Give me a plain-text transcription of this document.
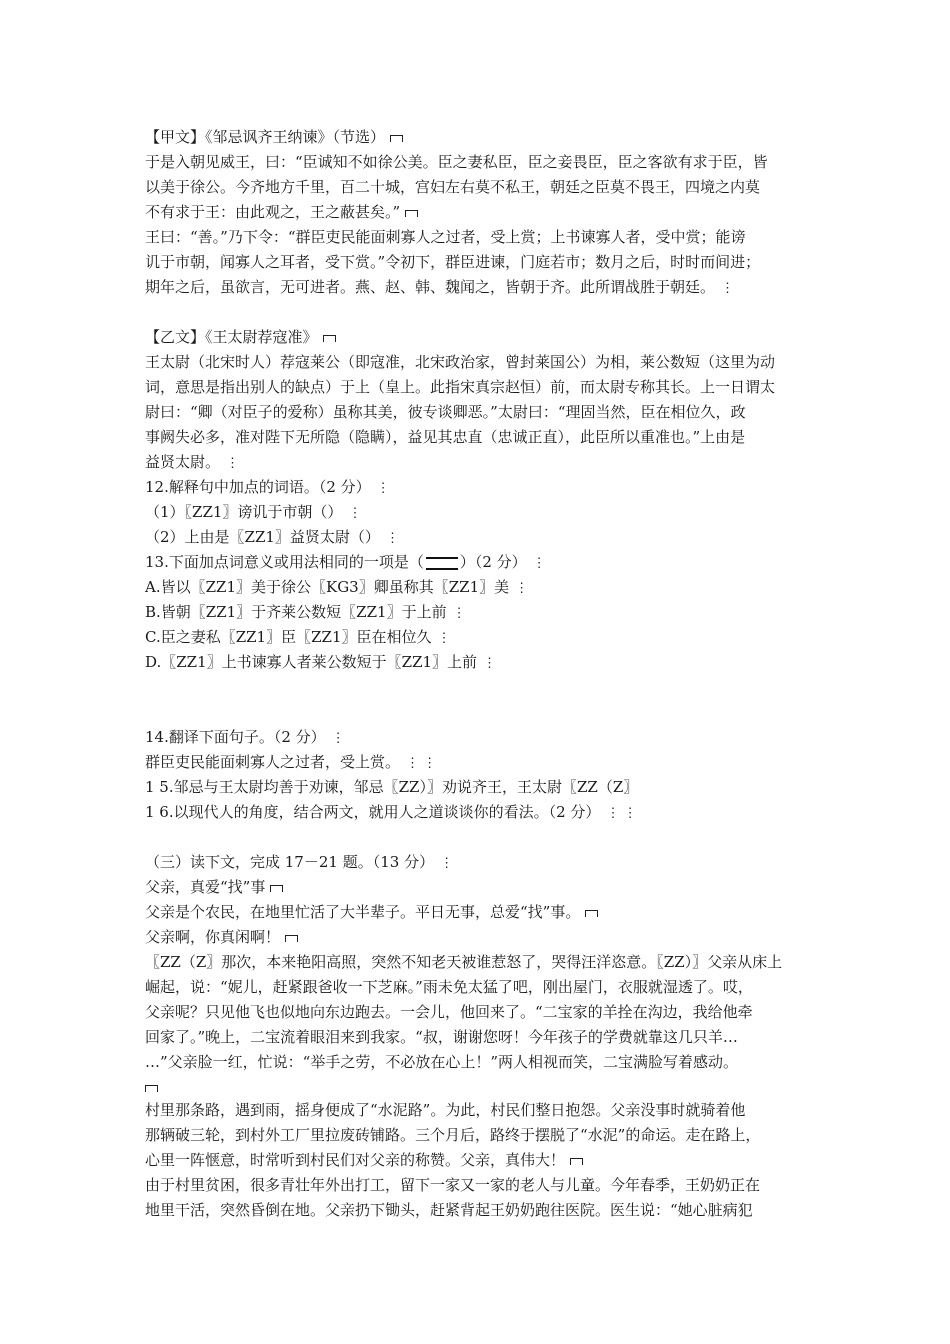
【甲文】《邹忌讽齐王纳谏》（节选）
于是入朝见威王，曰：“臣诚知不如徐公美。臣之妻私臣，臣之妾畏臣，臣之客欲有求于臣，皆
以美于徐公。今齐地方千里，百二十城，宫妇左右莫不私王，朝廷之臣莫不畏王，四境之内莫
不有求于王：由此观之，王之蔽甚矣。”
王曰：“善。”乃下令：“群臣吏民能面刺寡人之过者，受上赏；上书谏寡人者，受中赏；能谤
讥于市朝，闻寡人之耳者，受下赏。”令初下，群臣进谏，门庭若市；数月之后，时时而间进；
期年之后，虽欲言，无可进者。燕、赵、韩、魏闻之，皆朝于齐。此所谓战胜于朝廷。 ⋮
【乙文】《王太尉荐寇准》
王太尉（北宋时人）荐寇莱公（即寇准，北宋政治家，曾封莱国公）为相，莱公数短（这里为动
词，意思是指出别人的缺点）于上（皇上。此指宋真宗赵恒）前，而太尉专称其长。上一日谓太
尉曰：“卿（对臣子的爱称）虽称其美，彼专谈卿恶。”太尉曰：“理固当然，臣在相位久，政
事阙失必多，准对陛下无所隐（隐瞒），益见其忠直（忠诚正直），此臣所以重准也。”上由是
益贤太尉。 ⋮
12.解释句中加点的词语。（2 分） ⋮
（1）〖ZZ1〗谤讥于市朝（） ⋮
（2）上由是〖ZZ1〗益贤太尉（） ⋮
13.下面加点词意义或用法相同的一项是（ ）（2 分） ⋮
A.皆以〖ZZ1〗美于徐公〖KG3〗卿虽称其〖ZZ1〗美 ⋮
B.皆朝〖ZZ1〗于齐莱公数短〖ZZ1〗于上前 ⋮
C.臣之妻私〖ZZ1〗臣〖ZZ1〗臣在相位久 ⋮
D.〖ZZ1〗上书谏寡人者莱公数短于〖ZZ1〗上前 ⋮
14.翻译下面句子。（2 分） ⋮
群臣吏民能面刺寡人之过者，受上赏。 ⋮ ⋮
1 5.邹忌与王太尉均善于劝谏，邹忌〖ZZ）〗劝说齐王，王太尉〖ZZ（Z〗
1 6.以现代人的角度，结合两文，就用人之道谈谈你的看法。（2 分） ⋮ ⋮
（三）读下文，完成 17－21 题。（13 分） ⋮
父亲，真爱“找”事
父亲是个农民，在地里忙活了大半辈子。平日无事，总爱“找”事。
父亲啊，你真闲啊！
〖ZZ（Z〗那次，本来艳阳高照，突然不知老天被谁惹怒了，哭得汪洋恣意。〖ZZ）〗父亲从床上
崛起，说：“妮儿，赶紧跟爸收一下芝麻。”雨未免太猛了吧，刚出屋门，衣服就湿透了。哎，
父亲呢？只见他飞也似地向东边跑去。一会儿，他回来了。“二宝家的羊拴在沟边，我给他牵
回家了。”晚上，二宝流着眼泪来到我家。“叔，谢谢您呀！今年孩子的学费就靠这几只羊…
…”父亲脸一红，忙说：“举手之劳，不必放在心上！”两人相视而笑，二宝满脸写着感动。
村里那条路，遇到雨，摇身便成了“水泥路”。为此，村民们整日抱怨。父亲没事时就骑着他
那辆破三轮，到村外工厂里拉废砖铺路。三个月后，路终于摆脱了“水泥”的命运。走在路上，
心里一阵惬意，时常听到村民们对父亲的称赞。父亲，真伟大！
由于村里贫困，很多青壮年外出打工，留下一家又一家的老人与儿童。今年春季，王奶奶正在
地里干活，突然昏倒在地。父亲扔下锄头，赶紧背起王奶奶跑往医院。医生说：“她心脏病犯
